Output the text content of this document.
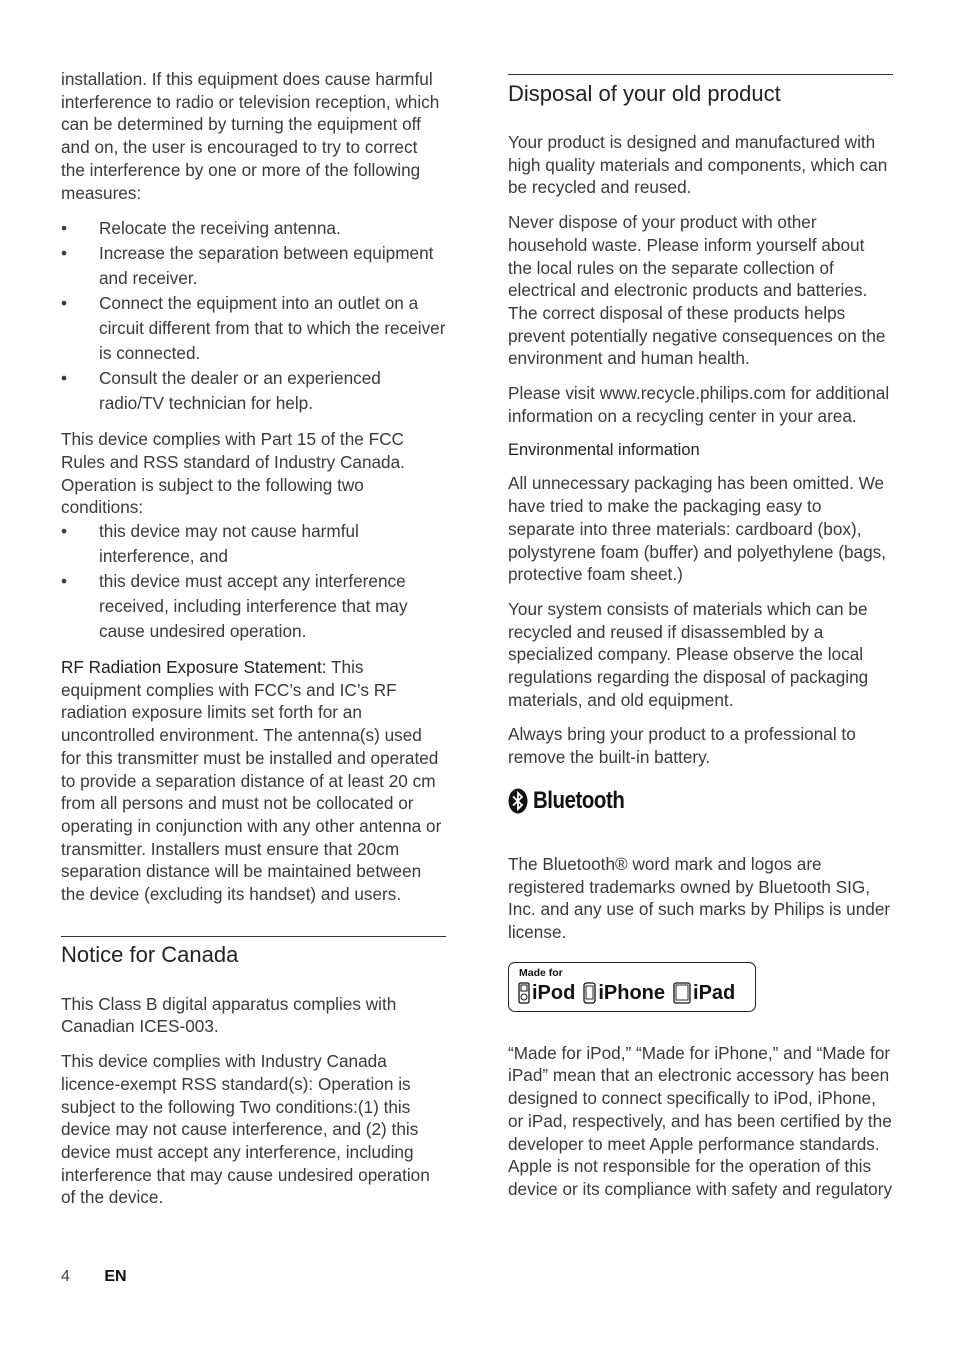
installation. If this equipment does cause harmful interference to radio or television reception, which can be determined by turning the equipment off and on, the user is encouraged to try to correct the interference by one or more of the following measures:

• Relocate the receiving antenna.
• Increase the separation between equipment and receiver.
• Connect the equipment into an outlet on a circuit different from that to which the receiver is connected.
• Consult the dealer or an experienced radio/TV technician for help.

This device complies with Part 15 of the FCC Rules and RSS standard of Industry Canada. Operation is subject to the following two conditions:

• this device may not cause harmful interference, and
• this device must accept any interference received, including interference that may cause undesired operation.

RF Radiation Exposure Statement: This equipment complies with FCC’s and IC’s RF radiation exposure limits set forth for an uncontrolled environment. The antenna(s) used for this transmitter must be installed and operated to provide a separation distance of at least 20 cm from all persons and must not be collocated or operating in conjunction with any other antenna or transmitter. Installers must ensure that 20cm separation distance will be maintained between the device (excluding its handset) and users.

Notice for Canada

This Class B digital apparatus complies with Canadian ICES-003.

This device complies with Industry Canada licence-exempt RSS standard(s): Operation is subject to the following Two conditions:(1) this device may not cause interference, and (2) this device must accept any interference, including interference that may cause undesired operation of the device.

Disposal of your old product

Your product is designed and manufactured with high quality materials and components, which can be recycled and reused.

Never dispose of your product with other household waste. Please inform yourself about the local rules on the separate collection of electrical and electronic products and batteries. The correct disposal of these products helps prevent potentially negative consequences on the environment and human health.

Please visit www.recycle.philips.com for additional information on a recycling center in your area.

Environmental information

All unnecessary packaging has been omitted. We have tried to make the packaging easy to separate into three materials: cardboard (box), polystyrene foam (buffer) and polyethylene (bags, protective foam sheet.)

Your system consists of materials which can be recycled and reused if disassembled by a specialized company. Please observe the local regulations regarding the disposal of packaging materials, and old equipment.

Always bring your product to a professional to remove the built-in battery.

Bluetooth

The Bluetooth® word mark and logos are registered trademarks owned by Bluetooth SIG, Inc. and any use of such marks by Philips is under license.

Made for
iPod iPhone iPad

“Made for iPod,” “Made for iPhone,” and “Made for iPad” mean that an electronic accessory has been designed to connect specifically to iPod, iPhone, or iPad, respectively, and has been certified by the developer to meet Apple performance standards. Apple is not responsible for the operation of this device or its compliance with safety and regulatory

4 EN
